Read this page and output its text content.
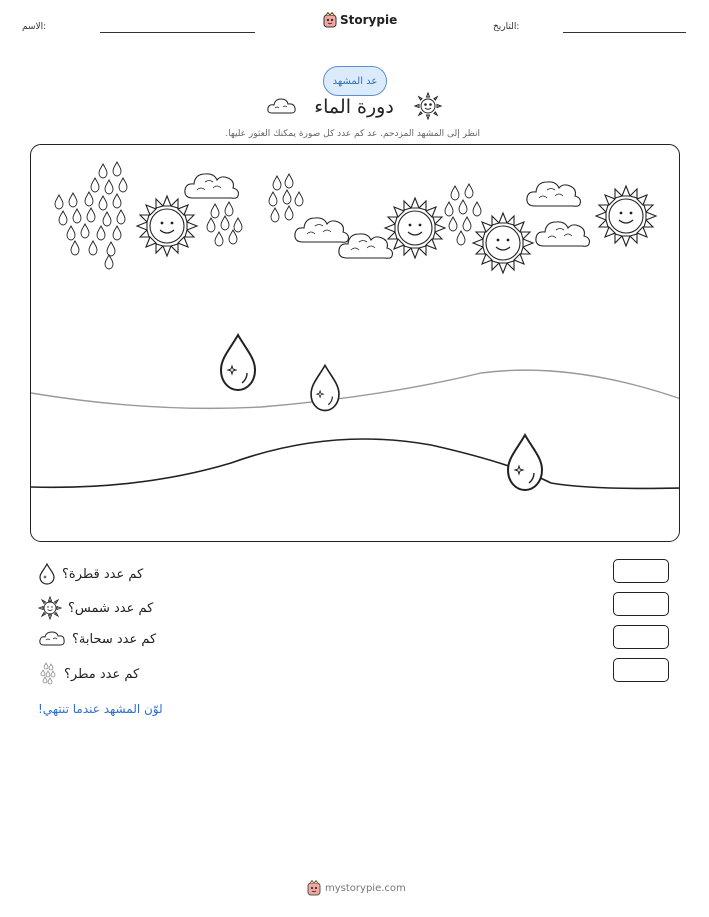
الاسم:	Storypie	التاريخ:
عد المشهد
دورة الماء
انظر إلى المشهد المزدحم. عد كم عدد كل صورة يمكنك العثور عليها.
كم عدد قطرة؟
كم عدد شمس؟
كم عدد سحابة؟
كم عدد مطر؟
لوّن المشهد عندما تنتهي!
mystorypie.com
